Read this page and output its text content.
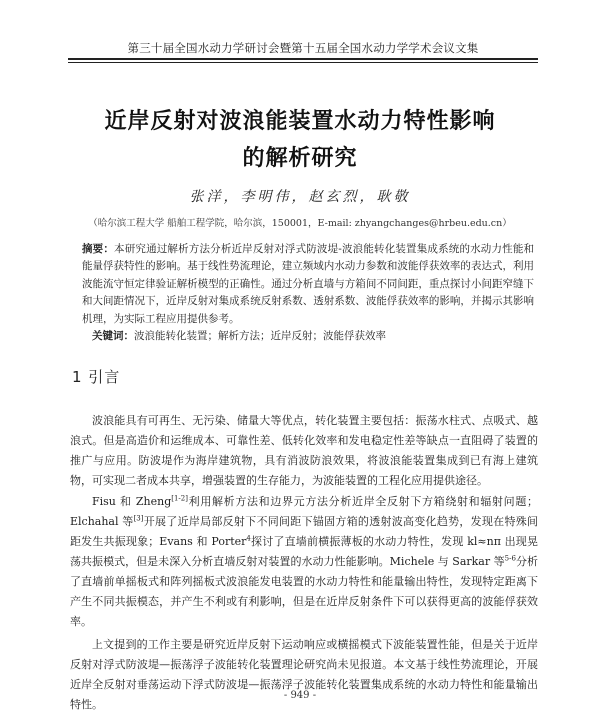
第三十届全国水动力学研讨会暨第十五届全国水动力学学术会议文集
近岸反射对波浪能装置水动力特性影响
的解析研究
张洋，李明伟，赵玄烈，耿敬
（哈尔滨工程大学 船舶工程学院，哈尔滨，150001，E-mail: zhyangchanges@hrbeu.edu.cn）
摘要：本研究通过解析方法分析近岸反射对浮式防波堤-波浪能转化装置集成系统的水动力性能和能量俘获特性的影响。基于线性势流理论，建立频域内水动力参数和波能俘获效率的表达式，利用波能流守恒定律验证解析模型的正确性。通过分析直墙与方箱间不同间距，重点探讨小间距窄缝下和大间距情况下，近岸反射对集成系统反射系数、透射系数、波能俘获效率的影响，并揭示其影响机理，为实际工程应用提供参考。
关键词：波浪能转化装置；解析方法；近岸反射；波能俘获效率
1 引言
波浪能具有可再生、无污染、储量大等优点，转化装置主要包括：振荡水柱式、点吸式、越浪式。但是高造价和运维成本、可靠性差、低转化效率和发电稳定性差等缺点一直阻碍了装置的推广与应用。防波堤作为海岸建筑物，具有消波防浪效果，将波浪能装置集成到已有海上建筑物，可实现二者成本共享，增强装置的生存能力，为波能装置的工程化应用提供途径。
Fisu 和 Zheng[1-2]利用解析方法和边界元方法分析近岸全反射下方箱绕射和辐射问题；Elchahal 等[3]开展了近岸局部反射下不同间距下锚固方箱的透射波高变化趋势，发现在特殊间距发生共振现象；Evans 和 Porter$^4$探讨了直墙前横振薄板的水动力特性，发现 kl≈nπ 出现晃荡共振模式，但是未深入分析直墙反射对装置的水动力性能影响。Michele 与 Sarkar 等$^{5-6}$分析了直墙前单摇板式和阵列摇板式波浪能发电装置的水动力特性和能量输出特性，发现特定距离下产生不同共振模态，并产生不利或有利影响，但是在近岸反射条件下可以获得更高的波能俘获效率。
上文提到的工作主要是研究近岸反射下运动响应或横摇模式下波能装置性能，但是关于近岸反射对浮式防波堤—振荡浮子波能转化装置理论研究尚未见报道。本文基于线性势流理论，开展近岸全反射对垂荡运动下浮式防波堤—振荡浮子波能转化装置集成系统的水动力特性和能量输出特性。
- 949 -
